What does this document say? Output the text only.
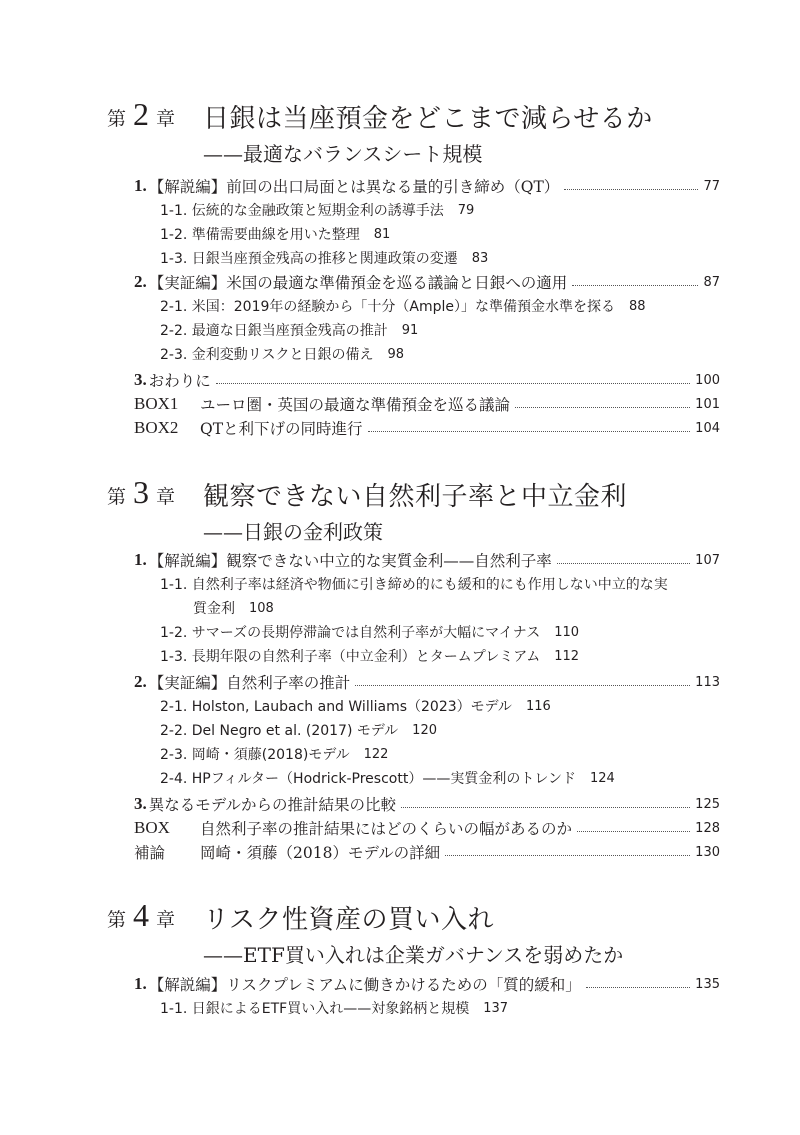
第 2 章 日銀は当座預金をどこまで減らせるか
——最適なバランスシート規模
1. 【解説編】前回の出口局面とは異なる量的引き締め（QT）	77
1-1. 伝統的な金融政策と短期金利の誘導手法 79
1-2. 準備需要曲線を用いた整理 81
1-3. 日銀当座預金残高の推移と関連政策の変遷 83
2. 【実証編】米国の最適な準備預金を巡る議論と日銀への適用	87
2-1. 米国：2019年の経験から「十分（Ample）」な準備預金水準を探る 88
2-2. 最適な日銀当座預金残高の推計 91
2-3. 金利変動リスクと日銀の備え 98
3. おわりに	100
BOX1	ユーロ圏・英国の最適な準備預金を巡る議論	101
BOX2	QTと利下げの同時進行	104
第 3 章 観察できない自然利子率と中立金利
——日銀の金利政策
1. 【解説編】観察できない中立的な実質金利——自然利子率	107
1-1. 自然利子率は経済や物価に引き締め的にも緩和的にも作用しない中立的な実
質金利 108
1-2. サマーズの長期停滞論では自然利子率が大幅にマイナス 110
1-3. 長期年限の自然利子率（中立金利）とタームプレミアム 112
2. 【実証編】自然利子率の推計	113
2-1. Holston, Laubach and Williams（2023）モデル 116
2-2. Del Negro et al. (2017) モデル 120
2-3. 岡崎・須藤(2018)モデル 122
2-4. HPフィルター（Hodrick-Prescott）——実質金利のトレンド 124
3. 異なるモデルからの推計結果の比較	125
BOX	自然利子率の推計結果にはどのくらいの幅があるのか	128
補論	岡崎・須藤（2018）モデルの詳細	130
第 4 章 リスク性資産の買い入れ
——ETF買い入れは企業ガバナンスを弱めたか
1. 【解説編】リスクプレミアムに働きかけるための「質的緩和」	135
1-1. 日銀によるETF買い入れ——対象銘柄と規模 137
